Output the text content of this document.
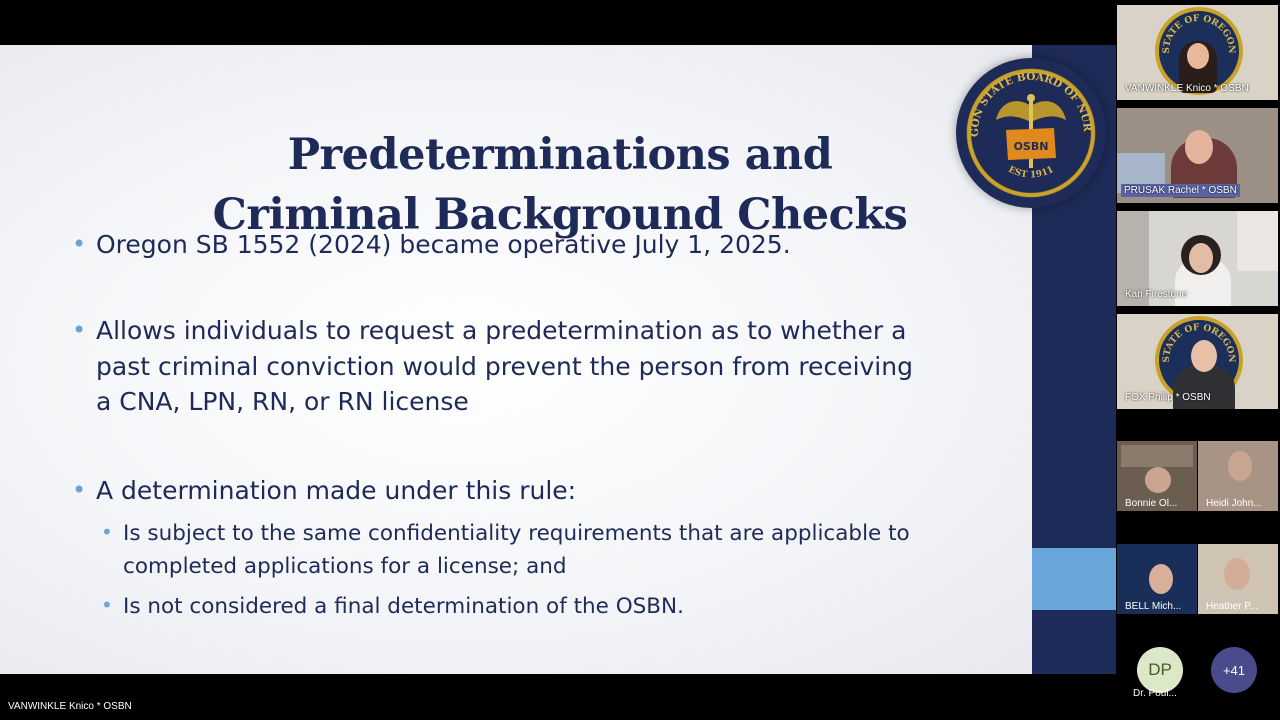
Predeterminations and
Criminal Background Checks
• Oregon SB 1552 (2024) became operative July 1, 2025.
• Allows individuals to request a predetermination as to whether a
past criminal conviction would prevent the person from receiving
a CNA, LPN, RN, or RN license
• A determination made under this rule:
• Is subject to the same confidentiality requirements that are applicable to
completed applications for a license; and
• Is not considered a final determination of the OSBN.
GON STATE BOARD OF NUR
EST 1911
OSBN
STATE OF OREGON
VANWINKLE Knico * OSBN
PRUSAK Rachel * OSBN
Kari Firestone
STATE OF OREGON
FOX Philip * OSBN
Bonnie Ol...	Heidi John...
BELL Mich... Heather P...
DP
Dr. Poul...
+41
VANWINKLE Knico * OSBN
